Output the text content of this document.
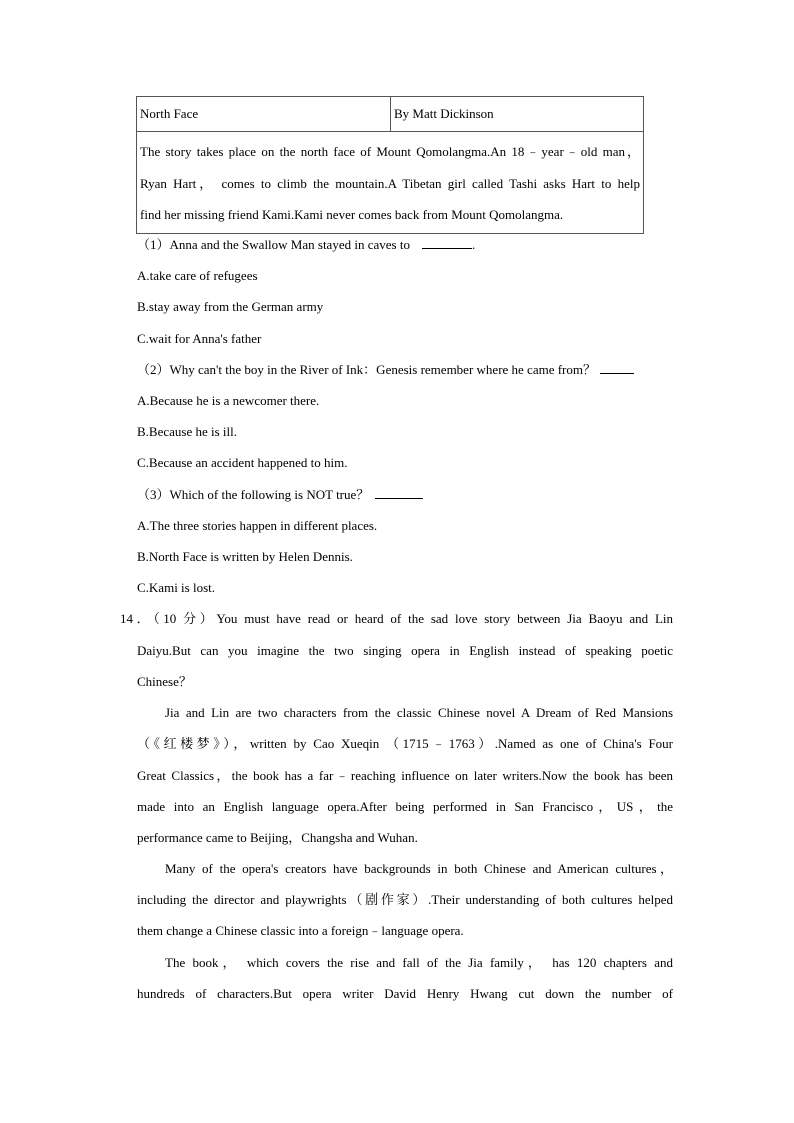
North Face	By Matt Dickinson

The story takes place on the north face of Mount Qomolangma.An 18﹣year﹣old man，
Ryan Hart， comes to climb the mountain.A Tibetan girl called Tashi asks Hart to help
find her missing friend Kami.Kami never comes back from Mount Qomolangma.
（1）Anna and the Swallow Man stayed in caves to	.
A.take care of refugees
B.stay away from the German army
C.wait for Anna's father
（2）Why can't the boy in the River of Ink：Genesis remember where he came from？
A.Because he is a newcomer there.
B.Because he is ill.
C.Because an accident happened to him.
（3）Which of the following is NOT true？
A.The three stories happen in different places.
B.North Face is written by Helen Dennis.
C.Kami is lost.
14．（10 分）You must have read or heard of the sad love story between Jia Baoyu and Lin
Daiyu.But can you imagine the two singing opera in English instead of speaking poetic
Chinese？
Jia and Lin are two characters from the classic Chinese novel A Dream of Red Mansions
（《红楼梦》），written by Cao Xueqin （1715﹣1763）.Named as one of China's Four
Great Classics，the book has a far﹣reaching influence on later writers.Now the book has been
made into an English language opera.After being performed in San Francisco，US，the
performance came to Beijing，Changsha and Wuhan.
Many of the opera's creators have backgrounds in both Chinese and American cultures，
including the director and playwrights（剧作家）.Their understanding of both cultures helped
them change a Chinese classic into a foreign﹣language opera.
The book， which covers the rise and fall of the Jia family， has 120 chapters and
hundreds of characters.But opera writer David Henry Hwang cut down the number of
